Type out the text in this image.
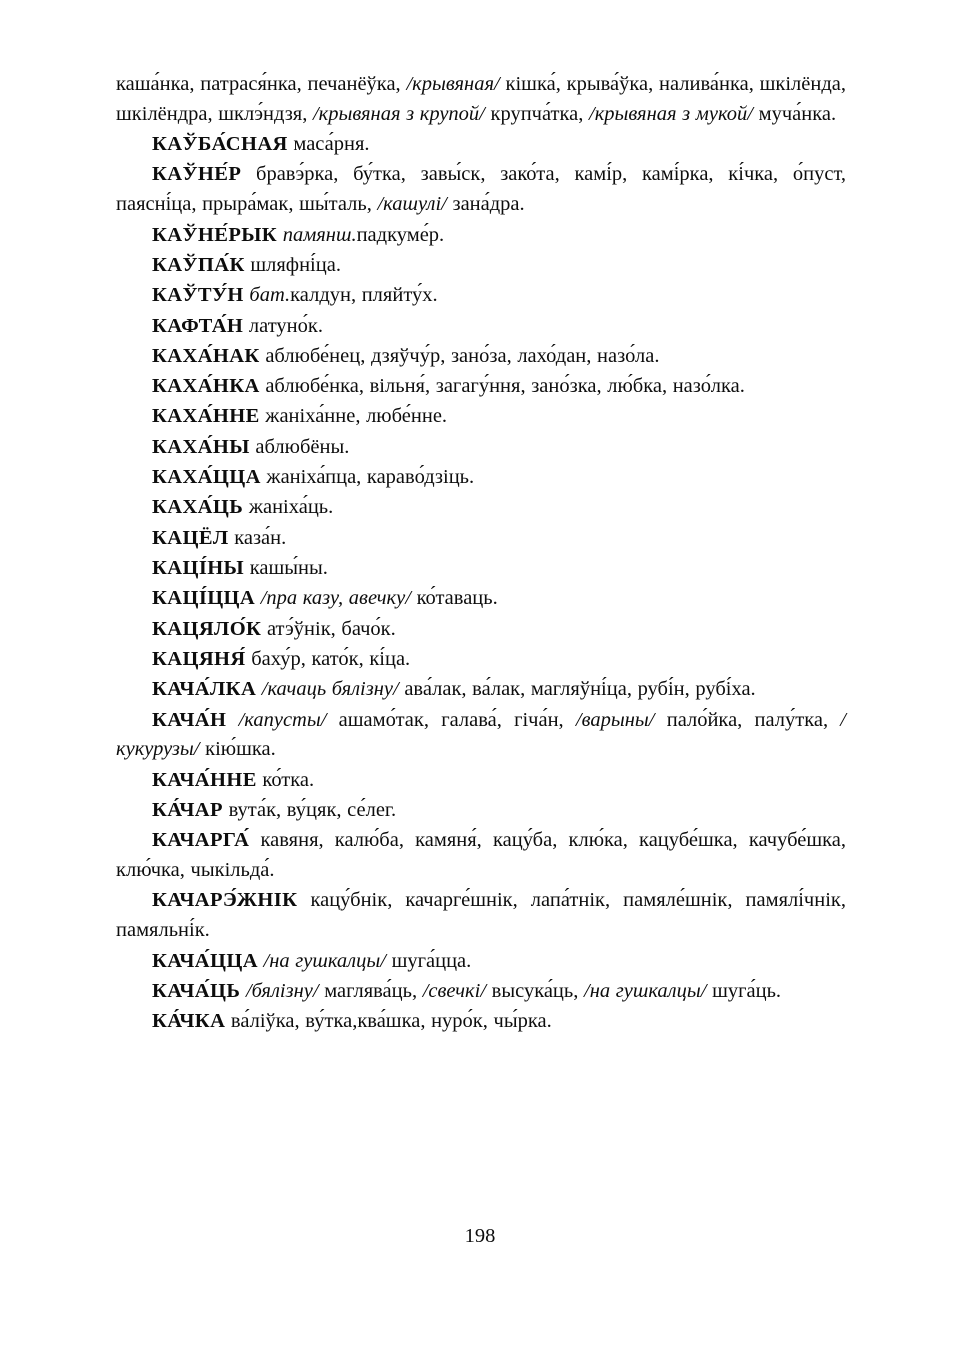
каша́нка, патрася́нка, печанёўка, /крывяная/ кішка́, крыва́ўка, налива́нка, шкілёнда, шкілёндра, шклэ́ндзя, /крывяная з крупой/ крупча́тка, /крывяная з мукой/ муча́нка.

КАЎБА́СНАЯ маса́рня.

КАЎНЕ́Р бравэ́рка, бу́тка, завы́ск, зако́та, камі́р, камі́рка, кі́чка, о́пуст, паясні́ца, прыра́мак, шы́таль, /кашулі/ зана́дра.

КАЎНЕ́РЫК памянш.падкуме́р.

КАЎПА́К шляфні́ца.

КАЎТУ́Н бат.калдун, пляйту́х.

КАФТА́Н латуно́к.

КАХА́НАК аблюбе́нец, дзяўчу́р, зано́за, лахо́дан, назо́ла.

КАХА́НКА аблюбе́нка, вільня́, загагу́ння, зано́зка, лю́бка, назо́лка.

КАХА́ННЕ жаніха́нне, любе́нне.

КАХА́НЫ аблюбёны.

КАХА́ЦЦА жаніха́пца, караво́дзіць.

КАХА́ЦЬ жаніха́ць.

КАЦЁЛ каза́н.

КАЦІ́НЫ кашы́ны.

КАЦІ́ЦЦА /пра казу, авечку/ ко́таваць.

КАЦЯЛО́К атэ́ўнік, бачо́к.

КАЦЯНЯ́ баху́р, като́к, кі́ца.

КАЧА́ЛКА /качаць бялізну/ ава́лак, ва́лак, магляўні́ца, рубі́н, рубі́ха.

КАЧА́Н /капусты/ ашамо́так, галава́, гіча́н, /варыны/ пало́йка, палу́тка, /кукурузы/ кію́шка.

КАЧА́ННЕ ко́тка.

КА́ЧАР вута́к, ву́цяк, се́лег.

КАЧАРГА́ кавяня, калю́ба, камяня́, кацу́ба, клю́ка, кацубе́шка, качубе́шка, клю́чка, чыкільда́.

КАЧАРЭ́ЖНІК кацу́бнік, качарге́шнік, лапа́тнік, памяле́шнік, памялі́чнік, памяльні́к.

КАЧА́ЦЦА /на гушкалцы/ шуга́цца.

КАЧА́ЦЬ /бялізну/ маглява́ць, /свечкі/ высука́ць, /на гушкалцы/ шуга́ць.

КА́ЧКА ва́ліўка, ву́тка,ква́шка, нуро́к, чы́рка.

198
